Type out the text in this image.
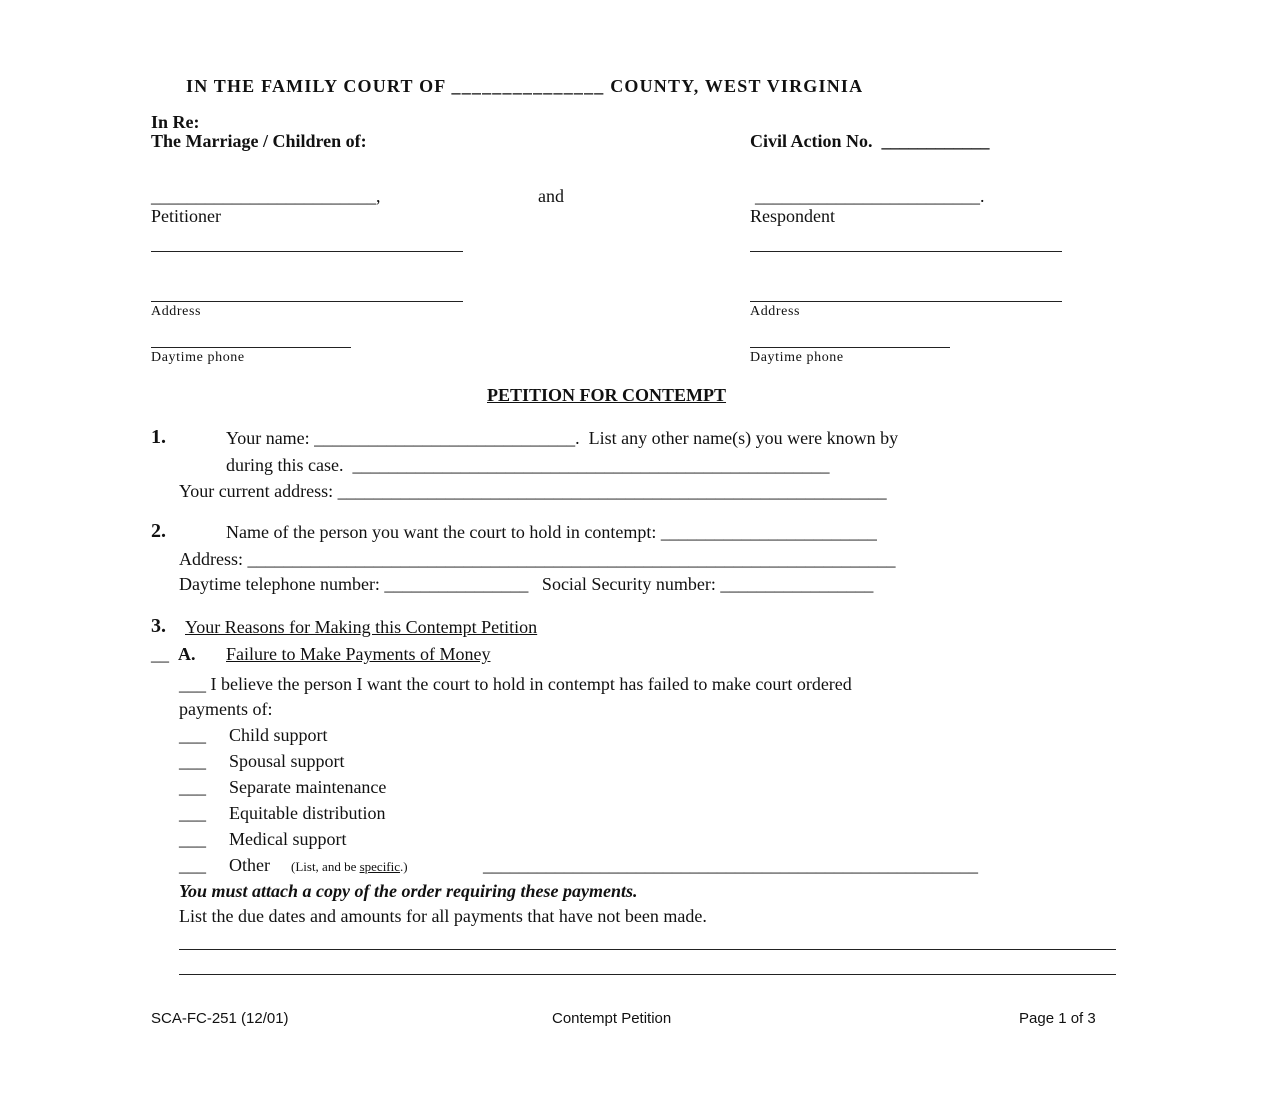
IN THE FAMILY COURT OF _______________ COUNTY, WEST VIRGINIA
In Re:
The Marriage / Children of:	Civil Action No.  ____________
_________________________,	and	_________________________.
Petitioner	Respondent
Address	Address
Daytime phone	Daytime phone
PETITION FOR CONTEMPT
1.	Your name: _____________________________.  List any other name(s) you were known by
during this case.  _____________________________________________________
Your current address: _____________________________________________________________
2.	Name of the person you want the court to hold in contempt: ________________________
Address: ________________________________________________________________________
Daytime telephone number: ________________   Social Security number: _________________
3. Your Reasons for Making this Contempt Petition
__ A. Failure to Make Payments of Money
___ I believe the person I want the court to hold in contempt has failed to make court ordered
payments of:
___ Child support
___ Spousal support
___ Separate maintenance
___ Equitable distribution
___ Medical support
___ Other (List, and be specific.)	_______________________________________________________
You must attach a copy of the order requiring these payments.
List the due dates and amounts for all payments that have not been made.
SCA-FC-251 (12/01)	Contempt Petition	Page 1 of 3
